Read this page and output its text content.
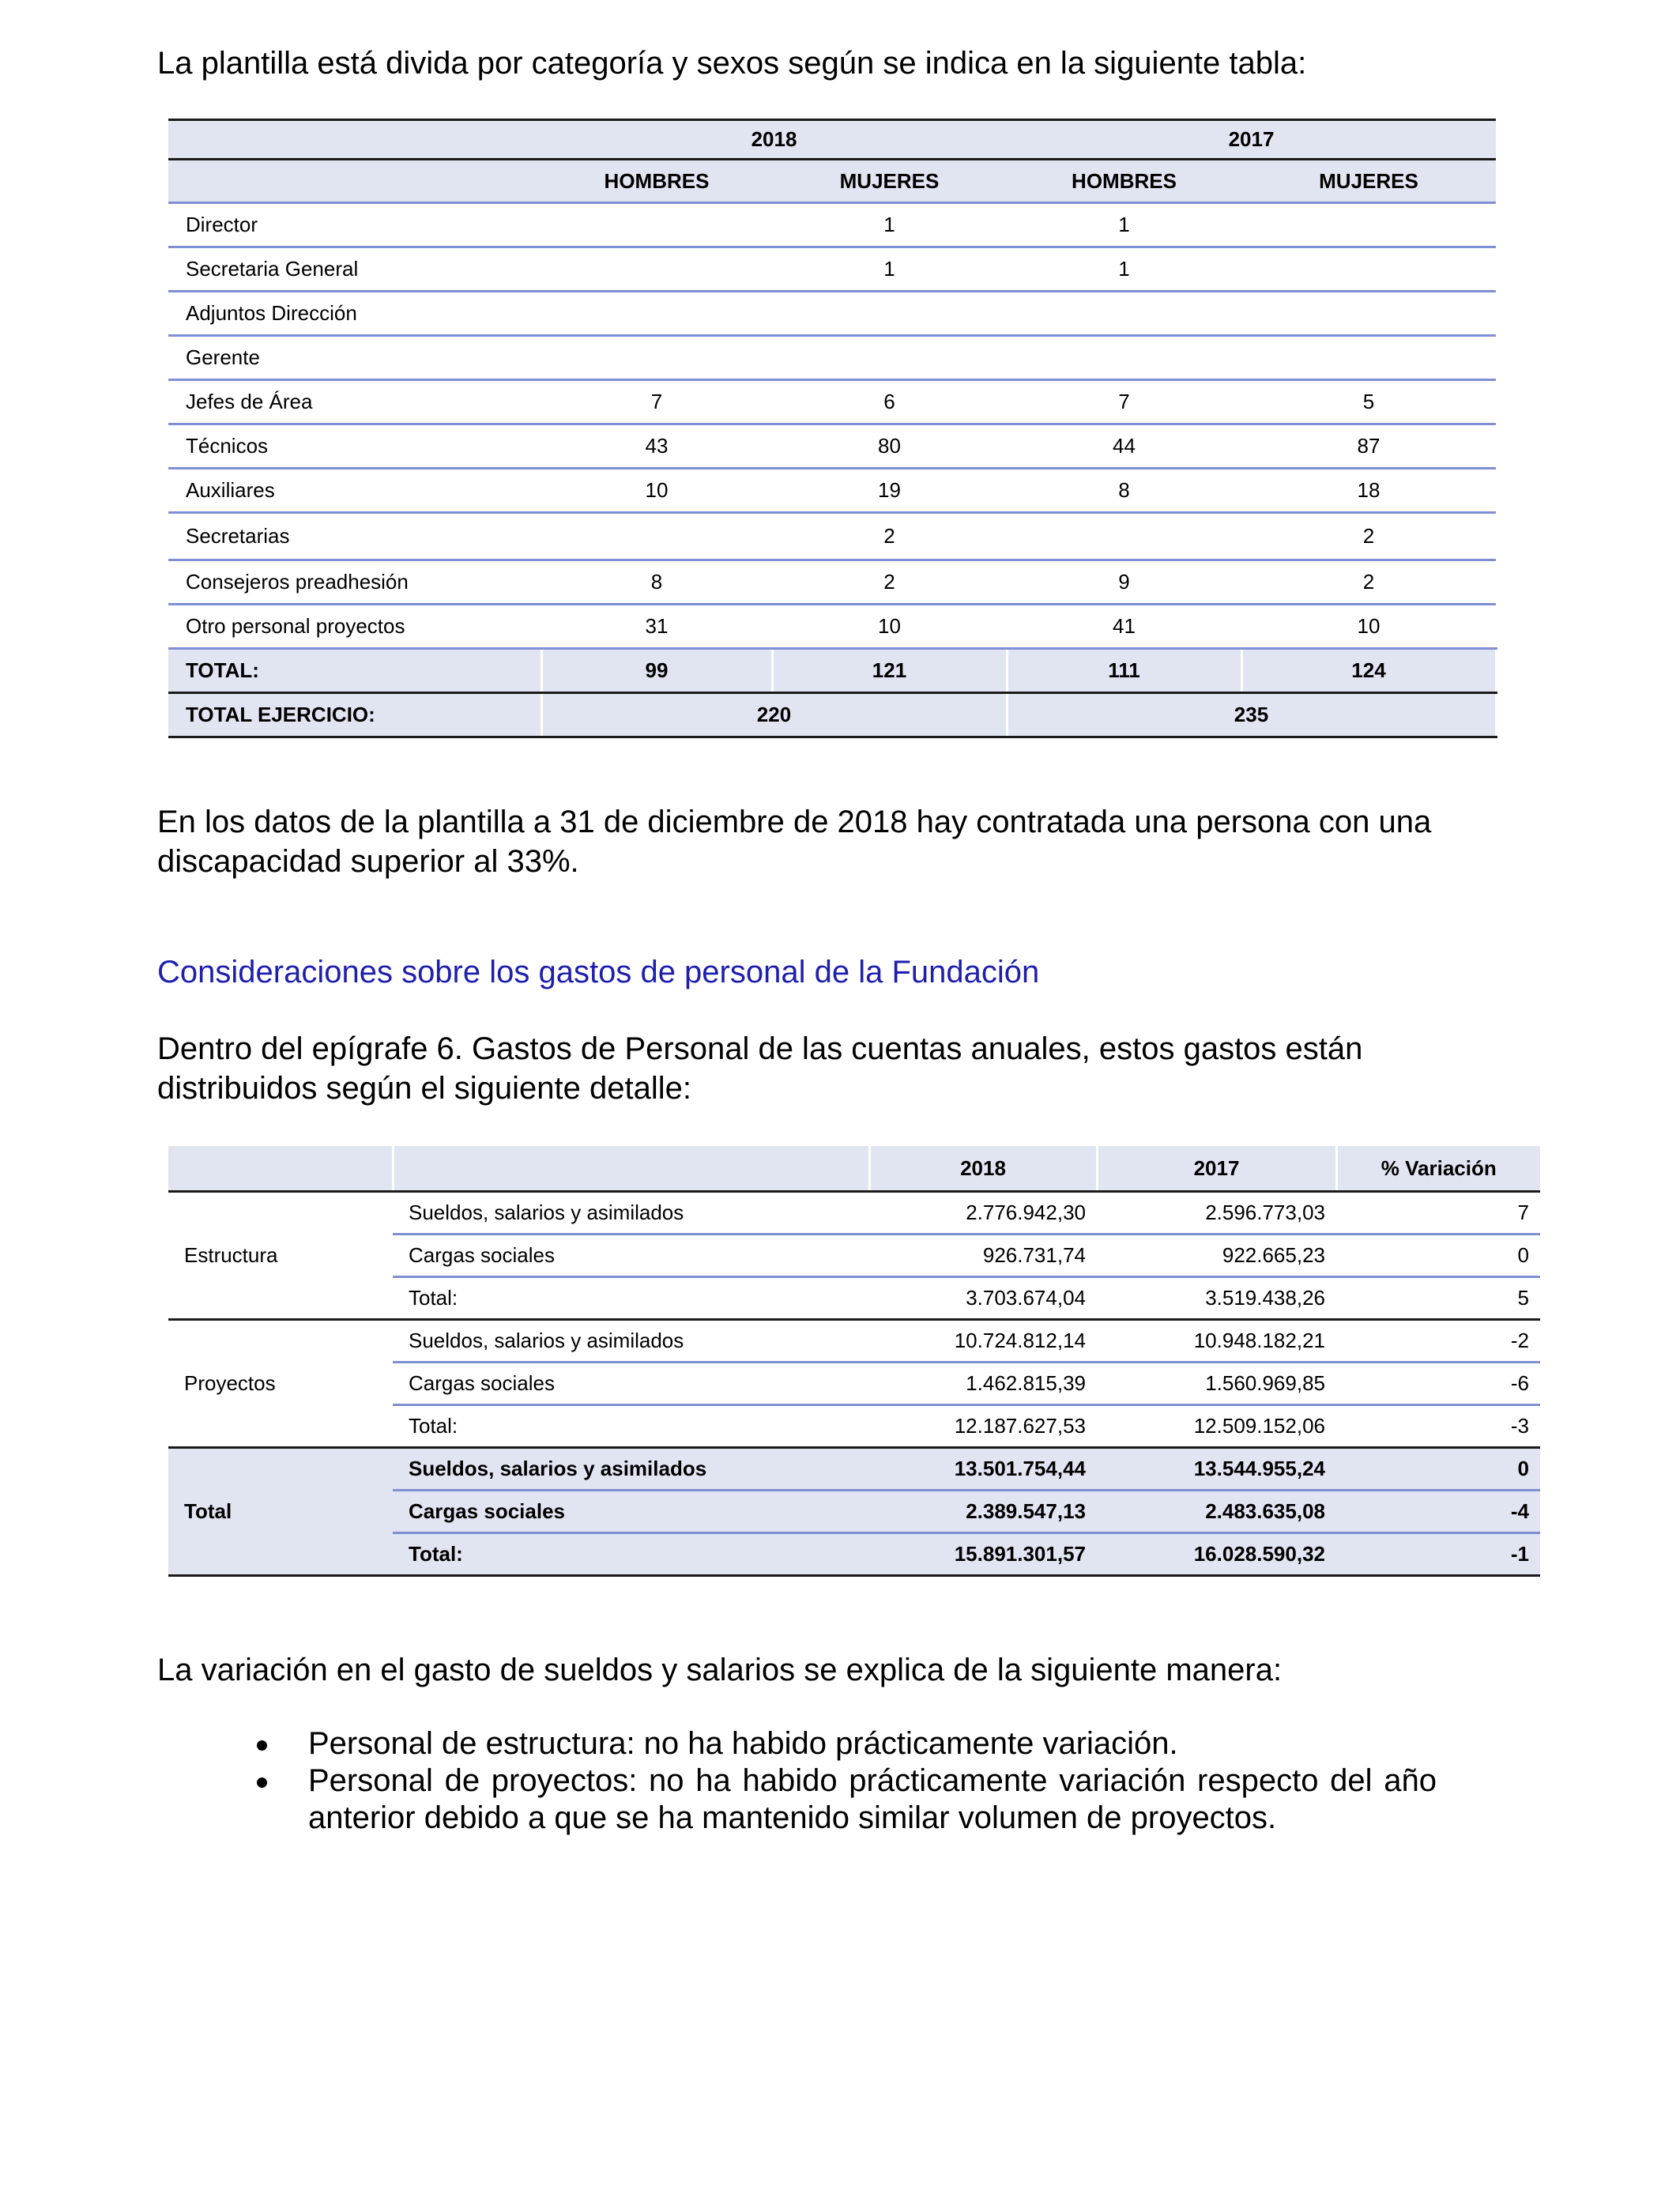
La plantilla está divida por categoría y sexos según se indica en la siguiente tabla:

	2018		2017	
	HOMBRES	MUJERES	HOMBRES	MUJERES
Director		1	1	
Secretaria General		1	1	
Adjuntos Dirección				
Gerente				
Jefes de Área	7	6	7	5
Técnicos	43	80	44	87
Auxiliares	10	19	8	18
Secretarias		2		2
Consejeros preadhesión	8	2	9	2
Otro personal proyectos	31	10	41	10
TOTAL:	99	121	111	124
TOTAL EJERCICIO:	220		235	

En los datos de la plantilla a 31 de diciembre de 2018 hay contratada una persona con una discapacidad superior al 33%.

Consideraciones sobre los gastos de personal de la Fundación

Dentro del epígrafe 6. Gastos de Personal de las cuentas anuales, estos gastos están distribuidos según el siguiente detalle:

		2018	2017	% Variación
Estructura	Sueldos, salarios y asimilados	2.776.942,30	2.596.773,03	7
	Cargas sociales	926.731,74	922.665,23	0
	Total:	3.703.674,04	3.519.438,26	5
Proyectos	Sueldos, salarios y asimilados	10.724.812,14	10.948.182,21	-2
	Cargas sociales	1.462.815,39	1.560.969,85	-6
	Total:	12.187.627,53	12.509.152,06	-3
Total	Sueldos, salarios y asimilados	13.501.754,44	13.544.955,24	0
	Cargas sociales	2.389.547,13	2.483.635,08	-4
	Total:	15.891.301,57	16.028.590,32	-1

La variación en el gasto de sueldos y salarios se explica de la siguiente manera:

Personal de estructura: no ha habido prácticamente variación.
Personal de proyectos: no ha habido prácticamente variación respecto del año anterior debido a que se ha mantenido similar volumen de proyectos.
